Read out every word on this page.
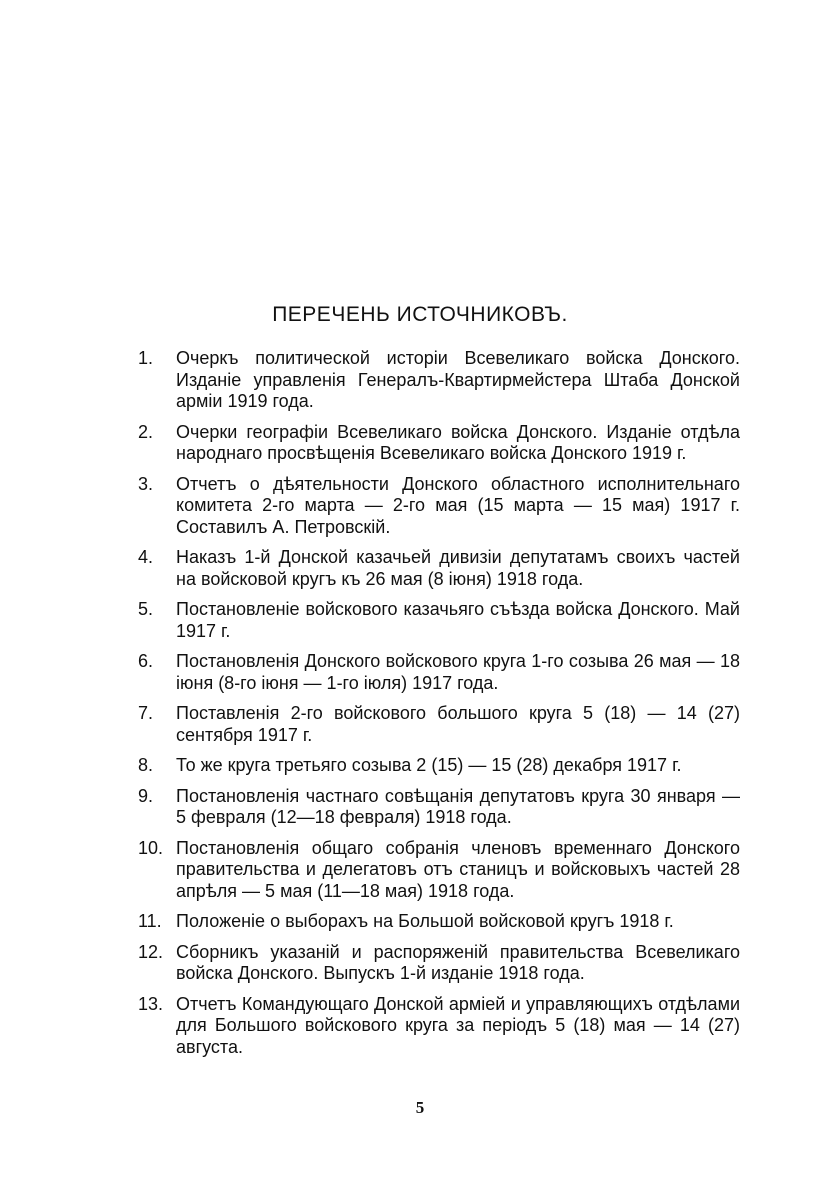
ПЕРЕЧЕНЬ ИСТОЧНИКОВЪ.
1.	Очеркъ политической исторіи Всевеликаго войска Донского. Изданіе управленія Генералъ-Квартирмейстера Штаба Донской арміи 1919 года.
2.	Очерки географіи Всевеликаго войска Донского. Изданіе отдѣла народнаго просвѣщенія Всевеликаго войска Донского 1919 г.
3.	Отчетъ о дѣятельности Донского областного исполнительнаго комитета 2-го марта — 2-го мая (15 марта — 15 мая) 1917 г. Составилъ А. Петровскій.
4.	Наказъ 1-й Донской казачьей дивизіи депутатамъ своихъ частей на войсковой кругъ къ 26 мая (8 іюня) 1918 года.
5.	Постановленіе войскового казачьяго съѣзда войска Донского. Май 1917 г.
6.	Постановленія Донского войскового круга 1-го созыва 26 мая — 18 іюня (8-го іюня — 1-го іюля) 1917 года.
7.	Поставленія 2-го войскового большого круга 5 (18) — 14 (27) сентября 1917 г.
8.	То же круга третьяго созыва 2 (15) — 15 (28) декабря 1917 г.
9.	Постановленія частнаго совѣщанія депутатовъ круга 30 января — 5 февраля (12—18 февраля) 1918 года.
10. Постановленія общаго собранія членовъ временнаго Донского правительства и делегатовъ отъ станицъ и войсковыхъ частей 28 апрѣля — 5 мая (11—18 мая) 1918 года.
11. Положеніе о выборахъ на Большой войсковой кругъ 1918 г.
12. Сборникъ указаній и распоряженій правительства Всевеликаго войска Донского. Выпускъ 1-й изданіе 1918 года.
13. Отчетъ Командующаго Донской арміей и управляющихъ отдѣлами для Большого войскового круга за періодъ 5 (18) мая — 14 (27) августа.
5
